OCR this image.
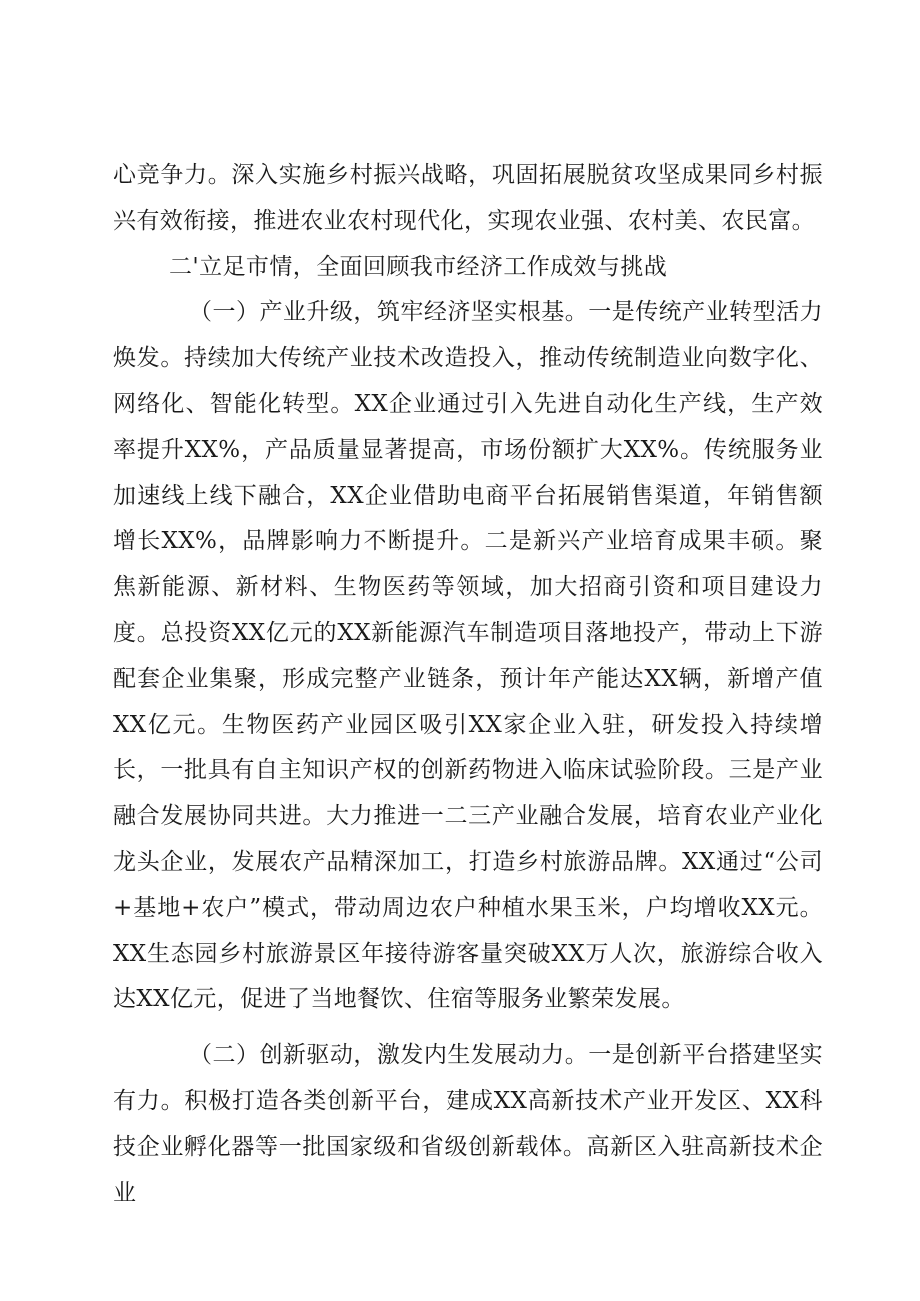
心竞争力。深入实施乡村振兴战略，巩固拓展脱贫攻坚成果同乡村振兴有效衔接，推进农业农村现代化，实现农业强、农村美、农民富。

二'立足市情，全面回顾我市经济工作成效与挑战

（一）产业升级，筑牢经济坚实根基。一是传统产业转型活力焕发。持续加大传统产业技术改造投入，推动传统制造业向数字化、网络化、智能化转型。XX企业通过引入先进自动化生产线，生产效率提升XX%，产品质量显著提高，市场份额扩大XX%。传统服务业加速线上线下融合，XX企业借助电商平台拓展销售渠道，年销售额增长XX%，品牌影响力不断提升。二是新兴产业培育成果丰硕。聚焦新能源、新材料、生物医药等领域，加大招商引资和项目建设力度。总投资XX亿元的XX新能源汽车制造项目落地投产，带动上下游配套企业集聚，形成完整产业链条，预计年产能达XX辆，新增产值XX亿元。生物医药产业园区吸引XX家企业入驻，研发投入持续增长，一批具有自主知识产权的创新药物进入临床试验阶段。三是产业融合发展协同共进。大力推进一二三产业融合发展，培育农业产业化龙头企业，发展农产品精深加工，打造乡村旅游品牌。XX通过“公司+基地+农户”模式，带动周边农户种植水果玉米，户均增收XX元。XX生态园乡村旅游景区年接待游客量突破XX万人次，旅游综合收入达XX亿元，促进了当地餐饮、住宿等服务业繁荣发展。

（二）创新驱动，激发内生发展动力。一是创新平台搭建坚实有力。积极打造各类创新平台，建成XX高新技术产业开发区、XX科技企业孵化器等一批国家级和省级创新载体。高新区入驻高新技术企业
